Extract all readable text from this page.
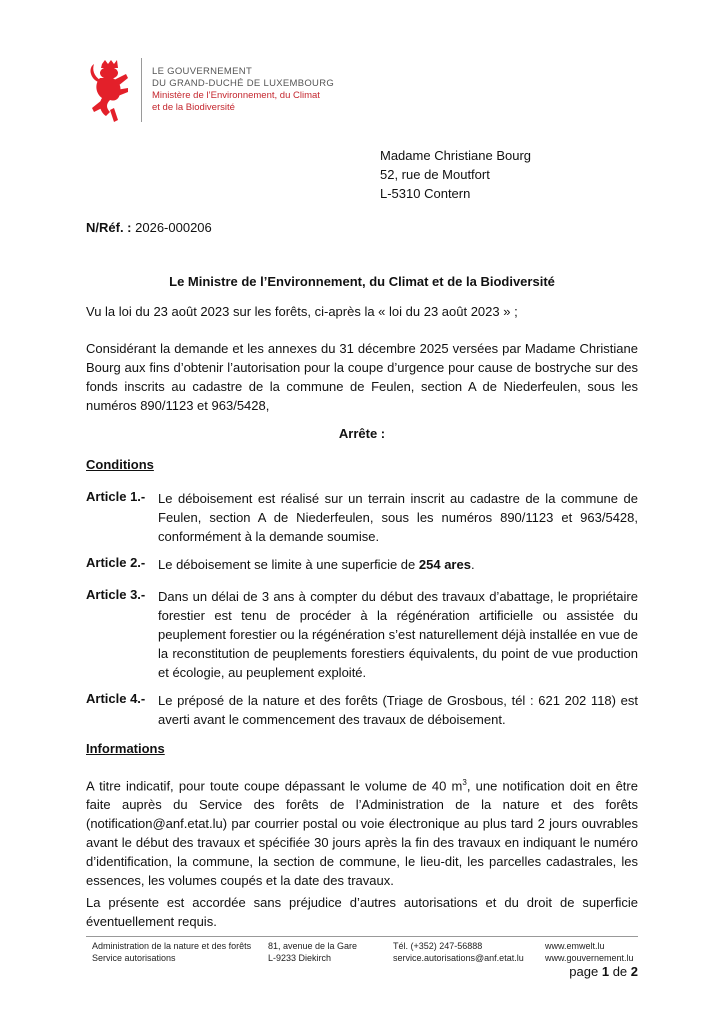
LE GOUVERNEMENT
DU GRAND-DUCHÉ DE LUXEMBOURG
Ministère de l’Environnement, du Climat
et de la Biodiversité
Madame Christiane Bourg
52, rue de Moutfort
L-5310 Contern
N/Réf. : 2026-000206
Le Ministre de l’Environnement, du Climat et de la Biodiversité
Vu la loi du 23 août 2023 sur les forêts, ci-après la « loi du 23 août 2023 » ;
Considérant la demande et les annexes du 31 décembre 2025 versées par Madame Christiane Bourg aux fins d’obtenir l’autorisation pour la coupe d’urgence pour cause de bostryche sur des fonds inscrits au cadastre de la commune de Feulen, section A de Niederfeulen, sous les numéros 890/1123 et 963/5428,
Arrête :
Conditions
Article 1.- Le déboisement est réalisé sur un terrain inscrit au cadastre de la commune de Feulen, section A de Niederfeulen, sous les numéros 890/1123 et 963/5428, conformément à la demande soumise.
Article 2.- Le déboisement se limite à une superficie de 254 ares.
Article 3.- Dans un délai de 3 ans à compter du début des travaux d’abattage, le propriétaire forestier est tenu de procéder à la régénération artificielle ou assistée du peuplement forestier ou la régénération s’est naturellement déjà installée en vue de la reconstitution de peuplements forestiers équivalents, du point de vue production et écologie, au peuplement exploité.
Article 4.- Le préposé de la nature et des forêts (Triage de Grosbous, tél : 621 202 118) est averti avant le commencement des travaux de déboisement.
Informations
A titre indicatif, pour toute coupe dépassant le volume de 40 $m^3$, une notification doit en être faite auprès du Service des forêts de l’Administration de la nature et des forêts (notification@anf.etat.lu) par courrier postal ou voie électronique au plus tard 2 jours ouvrables avant le début des travaux et spécifiée 30 jours après la fin des travaux en indiquant le numéro d’identification, la commune, la section de commune, le lieu-dit, les parcelles cadastrales, les essences, les volumes coupés et la date des travaux.
La présente est accordée sans préjudice d’autres autorisations et du droit de superficie éventuellement requis.
Administration de la nature et des forêts
Service autorisations
81, avenue de la Gare
L-9233 Diekirch
Tél. (+352) 247-56888
service.autorisations@anf.etat.lu
www.emwelt.lu
www.gouvernement.lu
page 1 de 2
